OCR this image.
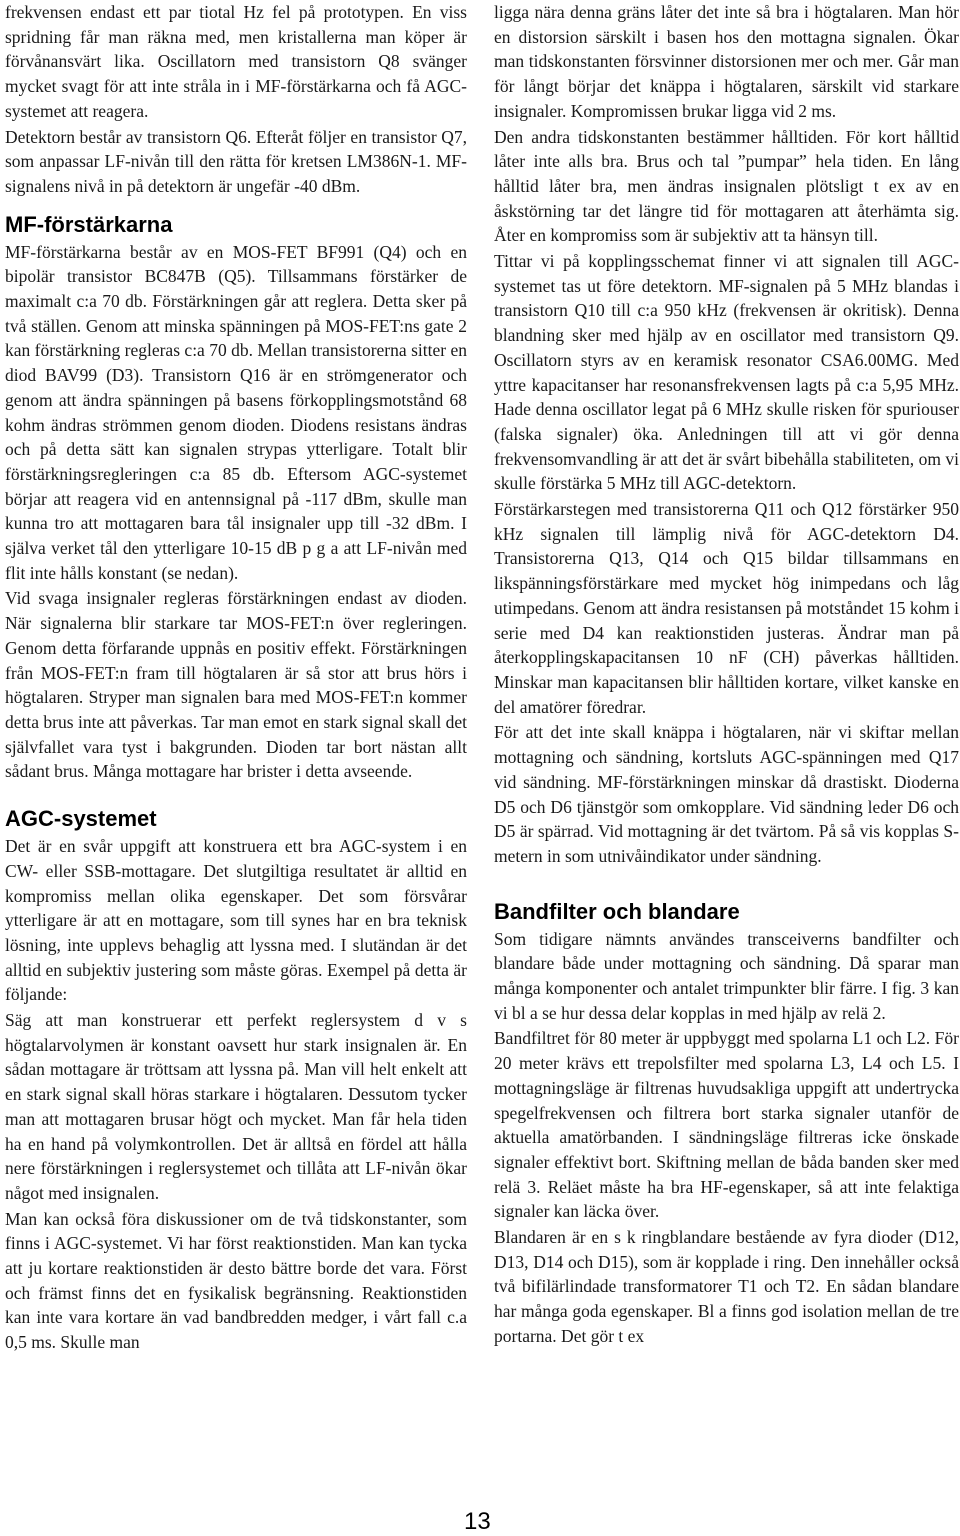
frekvensen endast ett par tiotal Hz fel på prototypen. En viss spridning får man räkna med, men kristallerna man köper är förvånansvärt lika. Oscillatorn med transistorn Q8 svänger mycket svagt för att inte stråla in i MF-förstärkarna och få AGC-systemet att reagera.

Detektorn består av transistorn Q6. Efteråt följer en transistor Q7, som anpassar LF-nivån till den rätta för kretsen LM386N-1. MF-signalens nivå in på detektorn är ungefär -40 dBm.

MF-förstärkarna

MF-förstärkarna består av en MOS-FET BF991 (Q4) och en bipolär transistor BC847B (Q5). Tillsammans förstärker de maximalt c:a 70 db. Förstärkningen går att reglera. Detta sker på två ställen. Genom att minska spänningen på MOS-FET:ns gate 2 kan förstärkning regleras c:a 70 db. Mellan transistorerna sitter en diod BAV99 (D3). Transistorn Q16 är en strömgenerator och genom att ändra spänningen på basens förkopplingsmotstånd 68 kohm ändras strömmen genom dioden. Diodens resistans ändras och på detta sätt kan signalen strypas ytterligare. Totalt blir förstärkningsregleringen c:a 85 db. Eftersom AGC-systemet börjar att reagera vid en antennsignal på -117 dBm, skulle man kunna tro att mottagaren bara tål insignaler upp till -32 dBm. I själva verket tål den ytterligare 10-15 dB p g a att LF-nivån med flit inte hålls konstant (se nedan).

Vid svaga insignaler regleras förstärkningen endast av dioden. När signalerna blir starkare tar MOS-FET:n över regleringen. Genom detta förfarande uppnås en positiv effekt. Förstärkningen från MOS-FET:n fram till högtalaren är så stor att brus hörs i högtalaren. Stryper man signalen bara med MOS-FET:n kommer detta brus inte att påverkas. Tar man emot en stark signal skall det självfallet vara tyst i bakgrunden. Dioden tar bort nästan allt sådant brus. Många mottagare har brister i detta avseende.

AGC-systemet

Det är en svår uppgift att konstruera ett bra AGC-system i en CW- eller SSB-mottagare. Det slutgiltiga resultatet är alltid en kompromiss mellan olika egenskaper. Det som försvårar ytterligare är att en mottagare, som till synes har en bra teknisk lösning, inte upplevs behaglig att lyssna med. I slutändan är det alltid en subjektiv justering som måste göras. Exempel på detta är följande:

Säg att man konstruerar ett perfekt reglersystem d v s högtalarvolymen är konstant oavsett hur stark insignalen är. En sådan mottagare är tröttsam att lyssna på. Man vill helt enkelt att en stark signal skall höras starkare i högtalaren. Dessutom tycker man att mottagaren brusar högt och mycket. Man får hela tiden ha en hand på volymkontrollen. Det är alltså en fördel att hålla nere förstärkningen i reglersystemet och tillåta att LF-nivån ökar något med insignalen.

Man kan också föra diskussioner om de två tidskonstanter, som finns i AGC-systemet. Vi har först reaktionstiden. Man kan tycka att ju kortare reaktionstiden är desto bättre borde det vara. Först och främst finns det en fysikalisk begränsning. Reaktionstiden kan inte vara kortare än vad bandbredden medger, i vårt fall c.a 0,5 ms. Skulle man

ligga nära denna gräns låter det inte så bra i högtalaren. Man hör en distorsion särskilt i basen hos den mottagna signalen. Ökar man tidskonstanten försvinner distorsionen mer och mer. Går man för långt börjar det knäppa i högtalaren, särskilt vid starkare insignaler. Kompromissen brukar ligga vid 2 ms.

Den andra tidskonstanten bestämmer hålltiden. För kort hålltid låter inte alls bra. Brus och tal ”pumpar” hela tiden. En lång hålltid låter bra, men ändras insignalen plötsligt t ex av en åskstörning tar det längre tid för mottagaren att återhämta sig. Åter en kompromiss som är subjektiv att ta hänsyn till.

Tittar vi på kopplingsschemat finner vi att signalen till AGC-systemet tas ut före detektorn. MF-signalen på 5 MHz blandas i transistorn Q10 till c:a 950 kHz (frekvensen är okritisk). Denna blandning sker med hjälp av en oscillator med transistorn Q9. Oscillatorn styrs av en keramisk resonator CSA6.00MG. Med yttre kapacitanser har resonansfrekvensen lagts på c:a 5,95 MHz. Hade denna oscillator legat på 6 MHz skulle risken för spuriouser (falska signaler) öka. Anledningen till att vi gör denna frekvensomvandling är att det är svårt bibehålla stabiliteten, om vi skulle förstärka 5 MHz till AGC-detektorn.

Förstärkarstegen med transistorerna Q11 och Q12 förstärker 950 kHz signalen till lämplig nivå för AGC-detektorn D4. Transistorerna Q13, Q14 och Q15 bildar tillsammans en likspänningsförstärkare med mycket hög inimpedans och låg utimpedans. Genom att ändra resistansen på motståndet 15 kohm i serie med D4 kan reaktionstiden justeras. Ändrar man på återkopplingskapacitansen 10 nF (CH) påverkas hålltiden. Minskar man kapacitansen blir hålltiden kortare, vilket kanske en del amatörer föredrar.

För att det inte skall knäppa i högtalaren, när vi skiftar mellan mottagning och sändning, kortsluts AGC-spänningen med Q17 vid sändning. MF-förstärkningen minskar då drastiskt. Dioderna D5 och D6 tjänstgör som omkopplare. Vid sändning leder D6 och D5 är spärrad. Vid mottagning är det tvärtom. På så vis kopplas S-metern in som utnivåindikator under sändning.

Bandfilter och blandare

Som tidigare nämnts användes transceiverns bandfilter och blandare både under mottagning och sändning. Då sparar man många komponenter och antalet trimpunkter blir färre. I fig. 3 kan vi bl a se hur dessa delar kopplas in med hjälp av relä 2.

Bandfiltret för 80 meter är uppbyggt med spolarna L1 och L2. För 20 meter krävs ett trepolsfilter med spolarna L3, L4 och L5. I mottagningsläge är filtrenas huvudsakliga uppgift att undertrycka spegelfrekvensen och filtrera bort starka signaler utanför de aktuella amatörbanden. I sändningsläge filtreras icke önskade signaler effektivt bort. Skiftning mellan de båda banden sker med relä 3. Reläet måste ha bra HF-egenskaper, så att inte felaktiga signaler kan läcka över.

Blandaren är en s k ringblandare bestående av fyra dioder (D12, D13, D14 och D15), som är kopplade i ring. Den innehåller också två bifilärlindade transformatorer T1 och T2. En sådan blandare har många goda egenskaper. Bl a finns god isolation mellan de tre portarna. Det gör t ex

13
